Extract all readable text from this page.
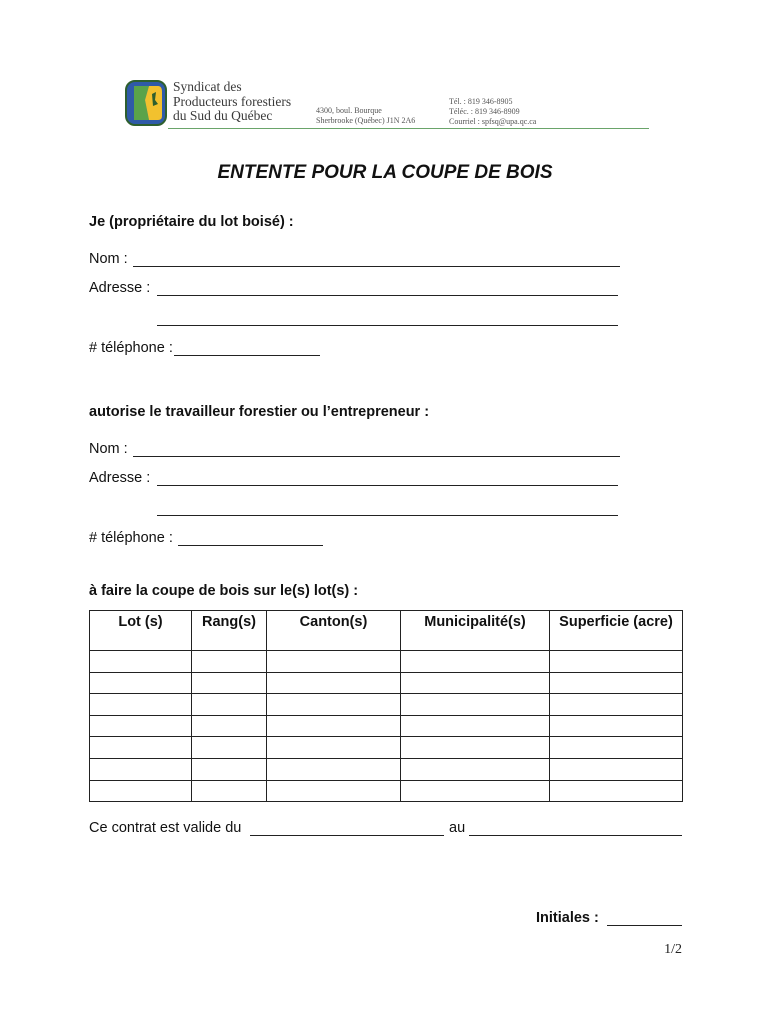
Syndicat des
Producteurs forestiers
du Sud du Québec	4300, boul. Bourque
Sherbrooke (Québec) J1N 2A6
Tél. : 819 346-8905
Téléc. : 819 346-8909
Courriel : spfsq@upa.qc.ca
ENTENTE POUR LA COUPE DE BOIS
Je (propriétaire du lot boisé) :
Nom :
Adresse :
# téléphone :
autorise le travailleur forestier ou l’entrepreneur :
Nom :
Adresse :
# téléphone :
à faire la coupe de bois sur le(s) lot(s) :
Lot (s)	Rang(s)	Canton(s)	Municipalité(s)	Superficie (acre)

Ce contrat est valide du	au
Initiales :
1/2
